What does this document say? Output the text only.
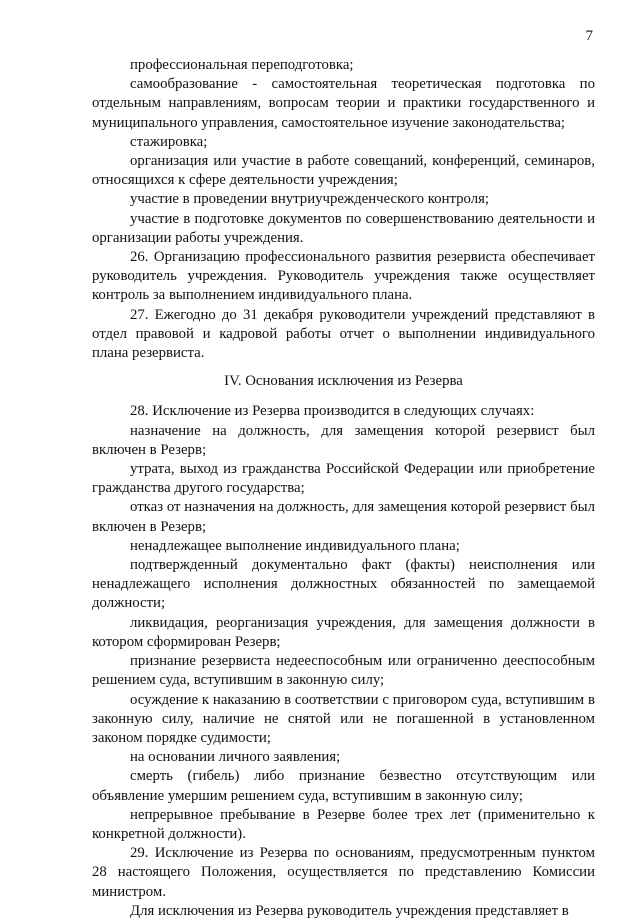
7

профессиональная переподготовка;

самообразование - самостоятельная теоретическая подготовка по отдельным направлениям, вопросам теории и практики государственного и муниципального управления, самостоятельное изучение законодательства;

стажировка;

организация или участие в работе совещаний, конференций, семинаров, относящихся к сфере деятельности учреждения;

участие в проведении внутриучрежденческого контроля;

участие в подготовке документов по совершенствованию деятельности и организации работы учреждения.

26. Организацию профессионального развития резервиста обеспечивает руководитель учреждения. Руководитель учреждения также осуществляет контроль за выполнением индивидуального плана.

27. Ежегодно до 31 декабря руководители учреждений представляют в отдел правовой и кадровой работы отчет о выполнении индивидуального плана резервиста.

IV. Основания исключения из Резерва

28. Исключение из Резерва производится в следующих случаях:

назначение на должность, для замещения которой резервист был включен в Резерв;

утрата, выход из гражданства Российской Федерации или приобретение гражданства другого государства;

отказ от назначения на должность, для замещения которой резервист был включен в Резерв;

ненадлежащее выполнение индивидуального плана;

подтвержденный документально факт (факты) неисполнения или ненадлежащего исполнения должностных обязанностей по замещаемой должности;

ликвидация, реорганизация учреждения, для замещения должности в котором сформирован Резерв;

признание резервиста недееспособным или ограниченно дееспособным решением суда, вступившим в законную силу;

осуждение к наказанию в соответствии с приговором суда, вступившим в законную силу, наличие не снятой или не погашенной в установленном законом порядке судимости;

на основании личного заявления;

смерть (гибель) либо признание безвестно отсутствующим или объявление умершим решением суда, вступившим в законную силу;

непрерывное пребывание в Резерве более трех лет (применительно к конкретной должности).

29. Исключение из Резерва по основаниям, предусмотренным пунктом 28 настоящего Положения, осуществляется по представлению Комиссии министром.

Для исключения из Резерва руководитель учреждения представляет в
